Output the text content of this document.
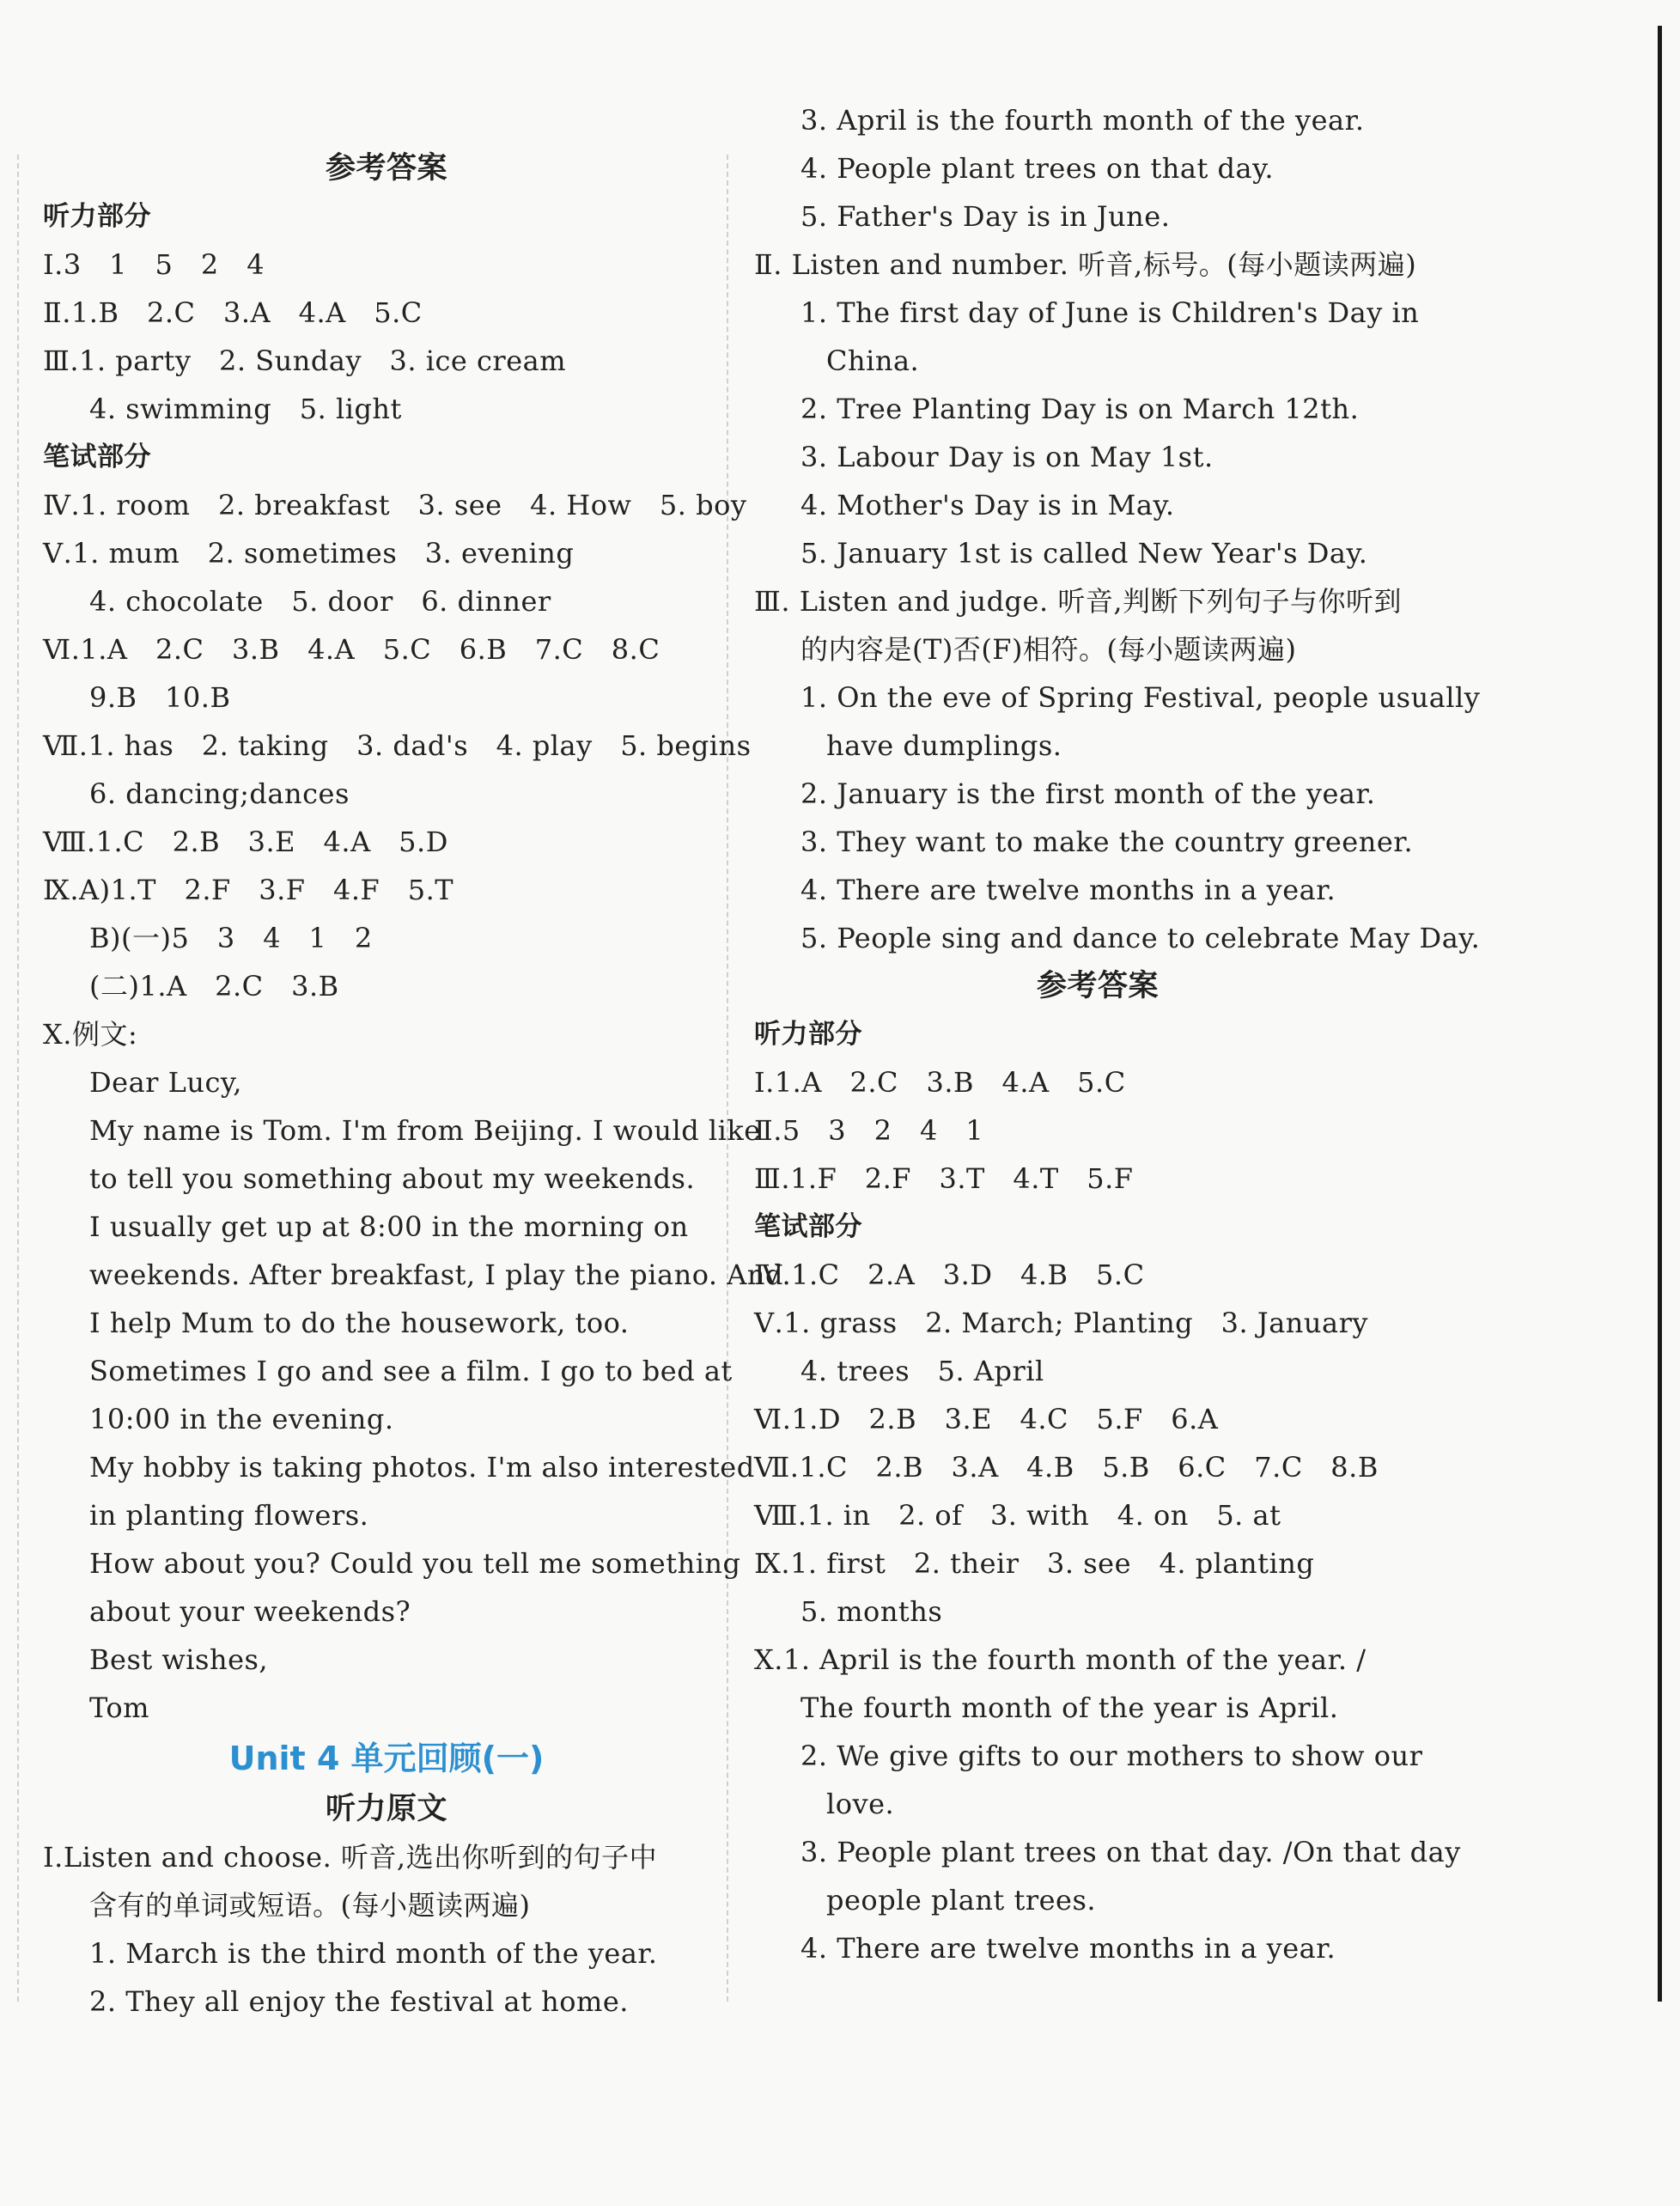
参考答案
听力部分
Ⅰ.3　1　5　2　4
Ⅱ.1.B　2.C　3.A　4.A　5.C
Ⅲ.1. party　2. Sunday　3. ice cream
4. swimming　5. light
笔试部分
Ⅳ.1. room　2. breakfast　3. see　4. How　5. boy
Ⅴ.1. mum　2. sometimes　3. evening
4. chocolate　5. door　6. dinner
Ⅵ.1.A　2.C　3.B　4.A　5.C　6.B　7.C　8.C
9.B　10.B
Ⅶ.1. has　2. taking　3. dad's　4. play　5. begins
6. dancing;dances
Ⅷ.1.C　2.B　3.E　4.A　5.D
Ⅸ.A)1.T　2.F　3.F　4.F　5.T
B)(一)5　3　4　1　2
(二)1.A　2.C　3.B
Ⅹ.例文:
Dear Lucy,
My name is Tom. I'm from Beijing. I would like
to tell you something about my weekends.
I usually get up at 8:00 in the morning on
weekends. After breakfast, I play the piano. And
I help Mum to do the housework, too.
Sometimes I go and see a film. I go to bed at
10:00 in the evening.
My hobby is taking photos. I'm also interested
in planting flowers.
How about you? Could you tell me something
about your weekends?
Best wishes,
Tom
Unit 4 单元回顾(一)
听力原文
Ⅰ.Listen and choose. 听音,选出你听到的句子中
含有的单词或短语。(每小题读两遍)
1. March is the third month of the year.
2. They all enjoy the festival at home.
3. April is the fourth month of the year.
4. People plant trees on that day.
5. Father's Day is in June.
Ⅱ. Listen and number. 听音,标号。(每小题读两遍)
1. The first day of June is Children's Day in
China.
2. Tree Planting Day is on March 12th.
3. Labour Day is on May 1st.
4. Mother's Day is in May.
5. January 1st is called New Year's Day.
Ⅲ. Listen and judge. 听音,判断下列句子与你听到
的内容是(T)否(F)相符。(每小题读两遍)
1. On the eve of Spring Festival, people usually
have dumplings.
2. January is the first month of the year.
3. They want to make the country greener.
4. There are twelve months in a year.
5. People sing and dance to celebrate May Day.
参考答案
听力部分
Ⅰ.1.A　2.C　3.B　4.A　5.C
Ⅱ.5　3　2　4　1
Ⅲ.1.F　2.F　3.T　4.T　5.F
笔试部分
Ⅳ.1.C　2.A　3.D　4.B　5.C
Ⅴ.1. grass　2. March; Planting　3. January
4. trees　5. April
Ⅵ.1.D　2.B　3.E　4.C　5.F　6.A
Ⅶ.1.C　2.B　3.A　4.B　5.B　6.C　7.C　8.B
Ⅷ.1. in　2. of　3. with　4. on　5. at
Ⅸ.1. first　2. their　3. see　4. planting
5. months
Ⅹ.1. April is the fourth month of the year. /
The fourth month of the year is April.
2. We give gifts to our mothers to show our
love.
3. People plant trees on that day. /On that day
people plant trees.
4. There are twelve months in a year.
